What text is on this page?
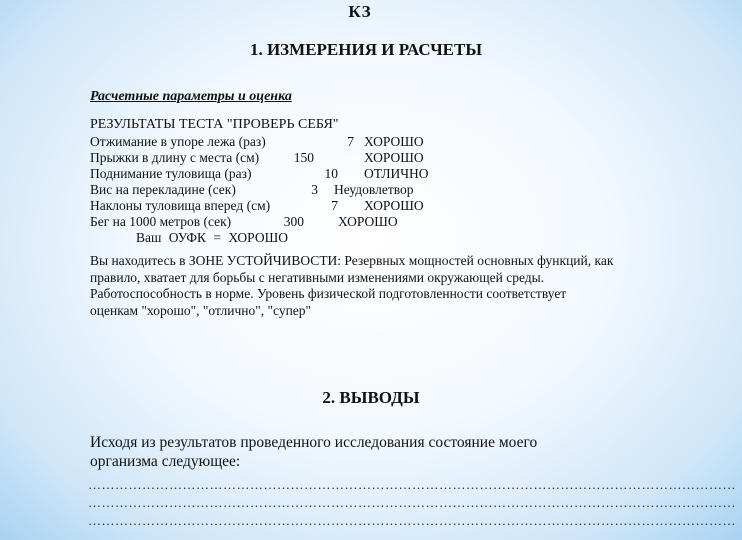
КЗ
1. ИЗМЕРЕНИЯ И РАСЧЕТЫ
Расчетные параметры и оценка
РЕЗУЛЬТАТЫ ТЕСТА "ПРОВЕРЬ СЕБЯ"
Отжимание в упоре лежа (раз)	7 ХОРОШО
Прыжки в длину с места (см)	150	ХОРОШО
Поднимание туловища (раз)	10 ОТЛИЧНО
Вис на перекладине (сек)	3 Неудовлетвор
Наклоны туловища вперед (см)	7 ХОРОШО
Бег на 1000 метров (сек)	300	ХОРОШО
Ваш ОУФК = ХОРОШО
Вы находитесь в ЗОНЕ УСТОЙЧИВОСТИ: Резервных мощностей основных функций, как
правило, хватает для борьбы с негативными изменениями окружающей среды.
Работоспособность в норме. Уровень физической подготовленности соответствует
оценкам "хорошо", "отлично", "супер"
2. ВЫВОДЫ
Исходя из результатов проведенного исследования состояние моего
организма следующее:
………………………………………………………………………………………………………………………………
………………………………………………………………………………………………………………………………
………………………………………………………………………………………………………………………………
